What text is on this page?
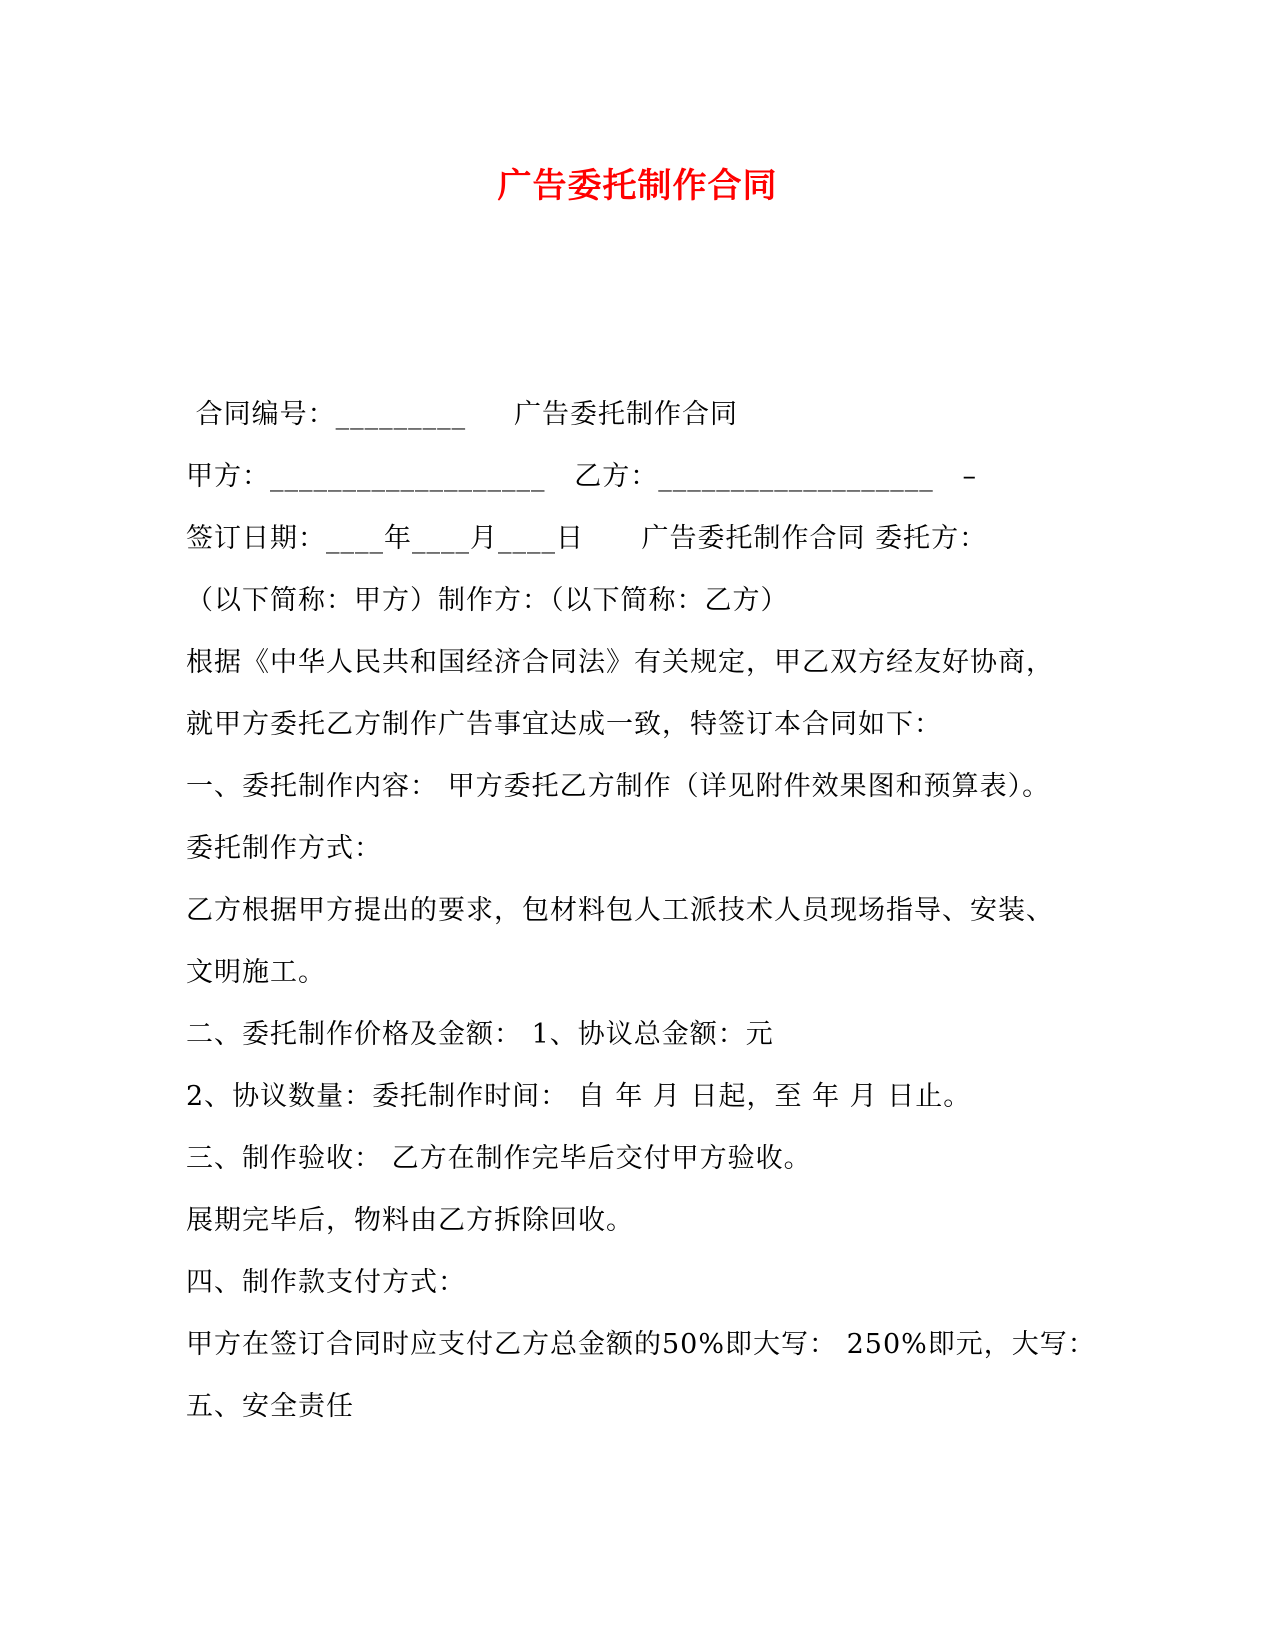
广告委托制作合同
合同编号：_________     广告委托制作合同
甲方：___________________   乙方：___________________   –
签订日期：____年____月____日      广告委托制作合同 委托方：
（以下简称：甲方）制作方：（以下简称：乙方）
根据《中华人民共和国经济合同法》有关规定，甲乙双方经友好协商，
就甲方委托乙方制作广告事宜达成一致，特签订本合同如下：
一、委托制作内容： 甲方委托乙方制作（详见附件效果图和预算表）。
委托制作方式：
乙方根据甲方提出的要求，包材料包人工派技术人员现场指导、安装、
文明施工。
二、委托制作价格及金额： 1、协议总金额：元
2、协议数量：委托制作时间： 自 年 月 日起，至 年 月 日止。
三、制作验收： 乙方在制作完毕后交付甲方验收。
展期完毕后，物料由乙方拆除回收。
四、制作款支付方式：
甲方在签订合同时应支付乙方总金额的50%即大写： 250%即元，大写：
五、安全责任
